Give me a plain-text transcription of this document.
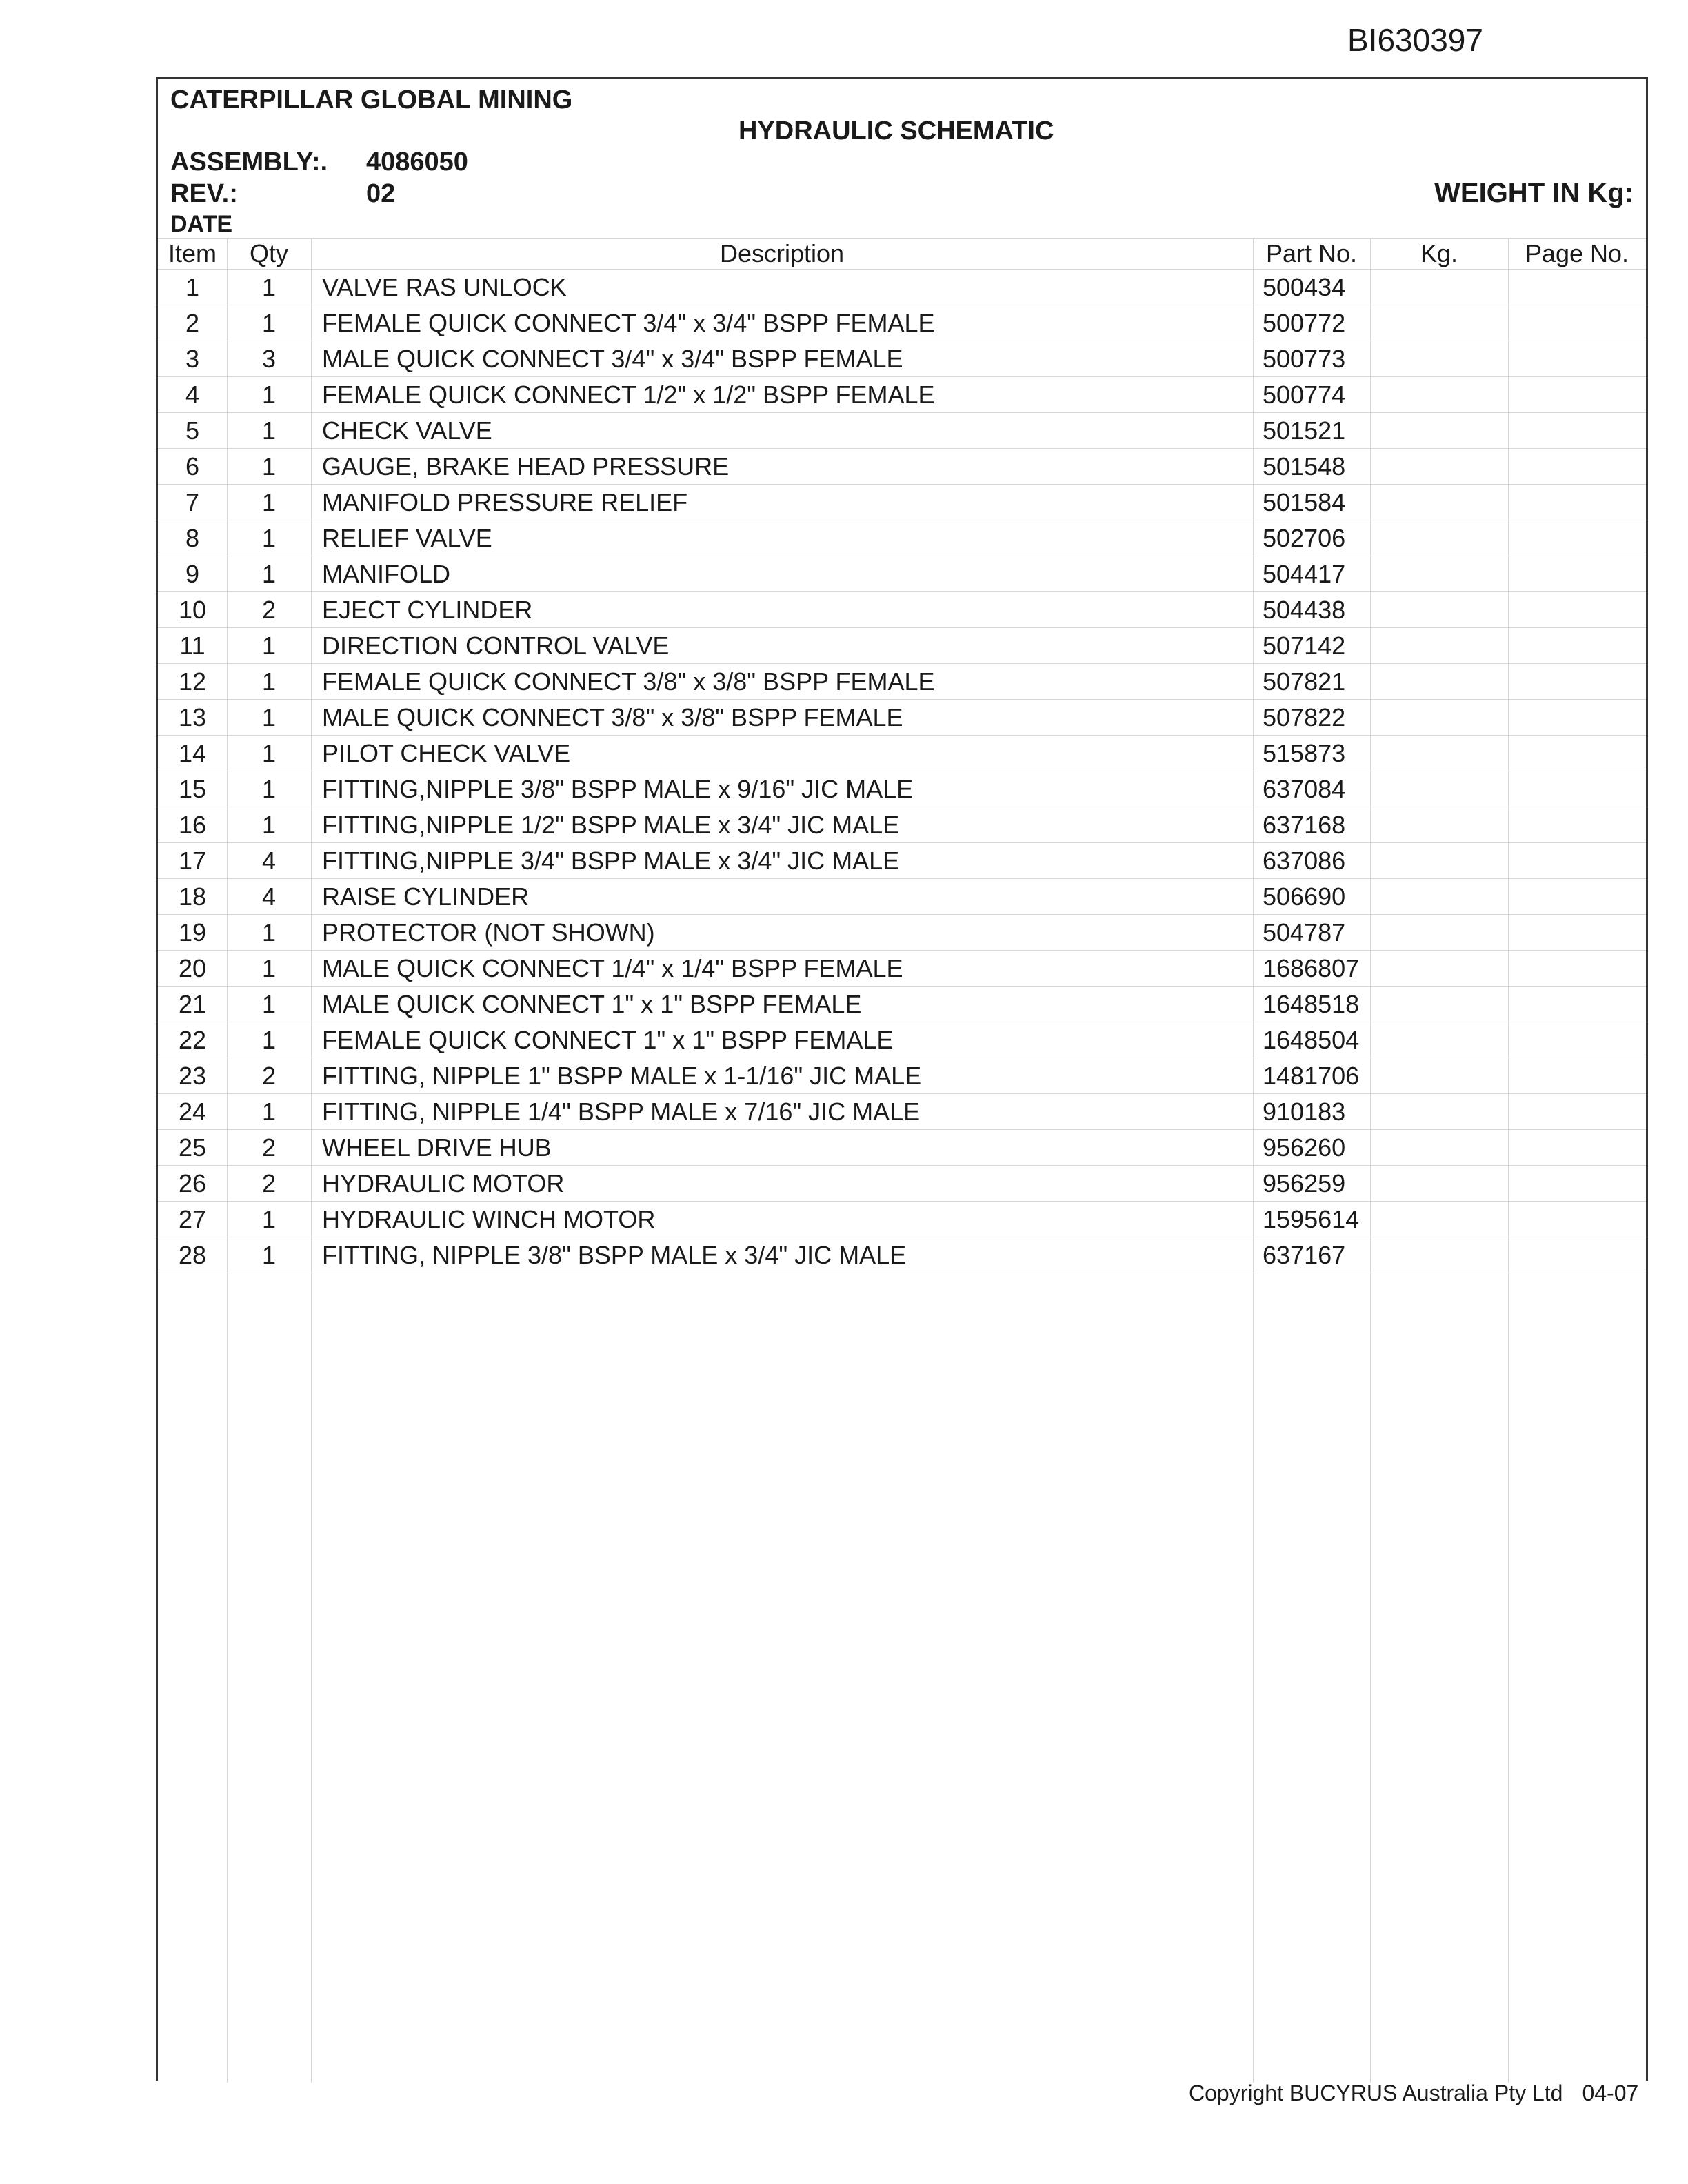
BI630397
CATERPILLAR GLOBAL MINING
HYDRAULIC SCHEMATIC
ASSEMBLY:. 4086050
REV.:	02
DATE
WEIGHT IN Kg:
Item	Qty	Description	Part No.	Kg.	Page No.
1	1	VALVE RAS UNLOCK	500434		
2	1	FEMALE QUICK CONNECT 3/4" x 3/4" BSPP FEMALE	500772		
3	3	MALE QUICK CONNECT 3/4" x 3/4" BSPP FEMALE	500773		
4	1	FEMALE QUICK CONNECT 1/2" x 1/2" BSPP FEMALE	500774		
5	1	CHECK VALVE	501521		
6	1	GAUGE, BRAKE HEAD PRESSURE	501548		
7	1	MANIFOLD PRESSURE RELIEF	501584		
8	1	RELIEF VALVE	502706		
9	1	MANIFOLD	504417		
10	2	EJECT CYLINDER	504438		
11	1	DIRECTION CONTROL VALVE	507142		
12	1	FEMALE QUICK CONNECT 3/8" x 3/8" BSPP FEMALE	507821		
13	1	MALE QUICK CONNECT 3/8" x 3/8" BSPP FEMALE	507822		
14	1	PILOT CHECK VALVE	515873		
15	1	FITTING,NIPPLE 3/8" BSPP MALE x 9/16" JIC MALE	637084		
16	1	FITTING,NIPPLE 1/2" BSPP MALE x 3/4" JIC MALE	637168		
17	4	FITTING,NIPPLE 3/4" BSPP MALE x 3/4" JIC MALE	637086		
18	4	RAISE CYLINDER	506690		
19	1	PROTECTOR (NOT SHOWN)	504787		
20	1	MALE QUICK CONNECT 1/4" x 1/4" BSPP FEMALE	1686807		
21	1	MALE QUICK CONNECT 1" x 1" BSPP FEMALE	1648518		
22	1	FEMALE QUICK CONNECT 1" x 1" BSPP FEMALE	1648504		
23	2	FITTING, NIPPLE 1" BSPP MALE x 1-1/16" JIC MALE	1481706		
24	1	FITTING, NIPPLE 1/4" BSPP MALE x 7/16" JIC MALE	910183		
25	2	WHEEL DRIVE HUB	956260		
26	2	HYDRAULIC MOTOR	956259		
27	1	HYDRAULIC WINCH MOTOR	1595614		
28	1	FITTING, NIPPLE 3/8" BSPP MALE x 3/4" JIC MALE	637167		
Copyright BUCYRUS Australia Pty Ltd 04-07
